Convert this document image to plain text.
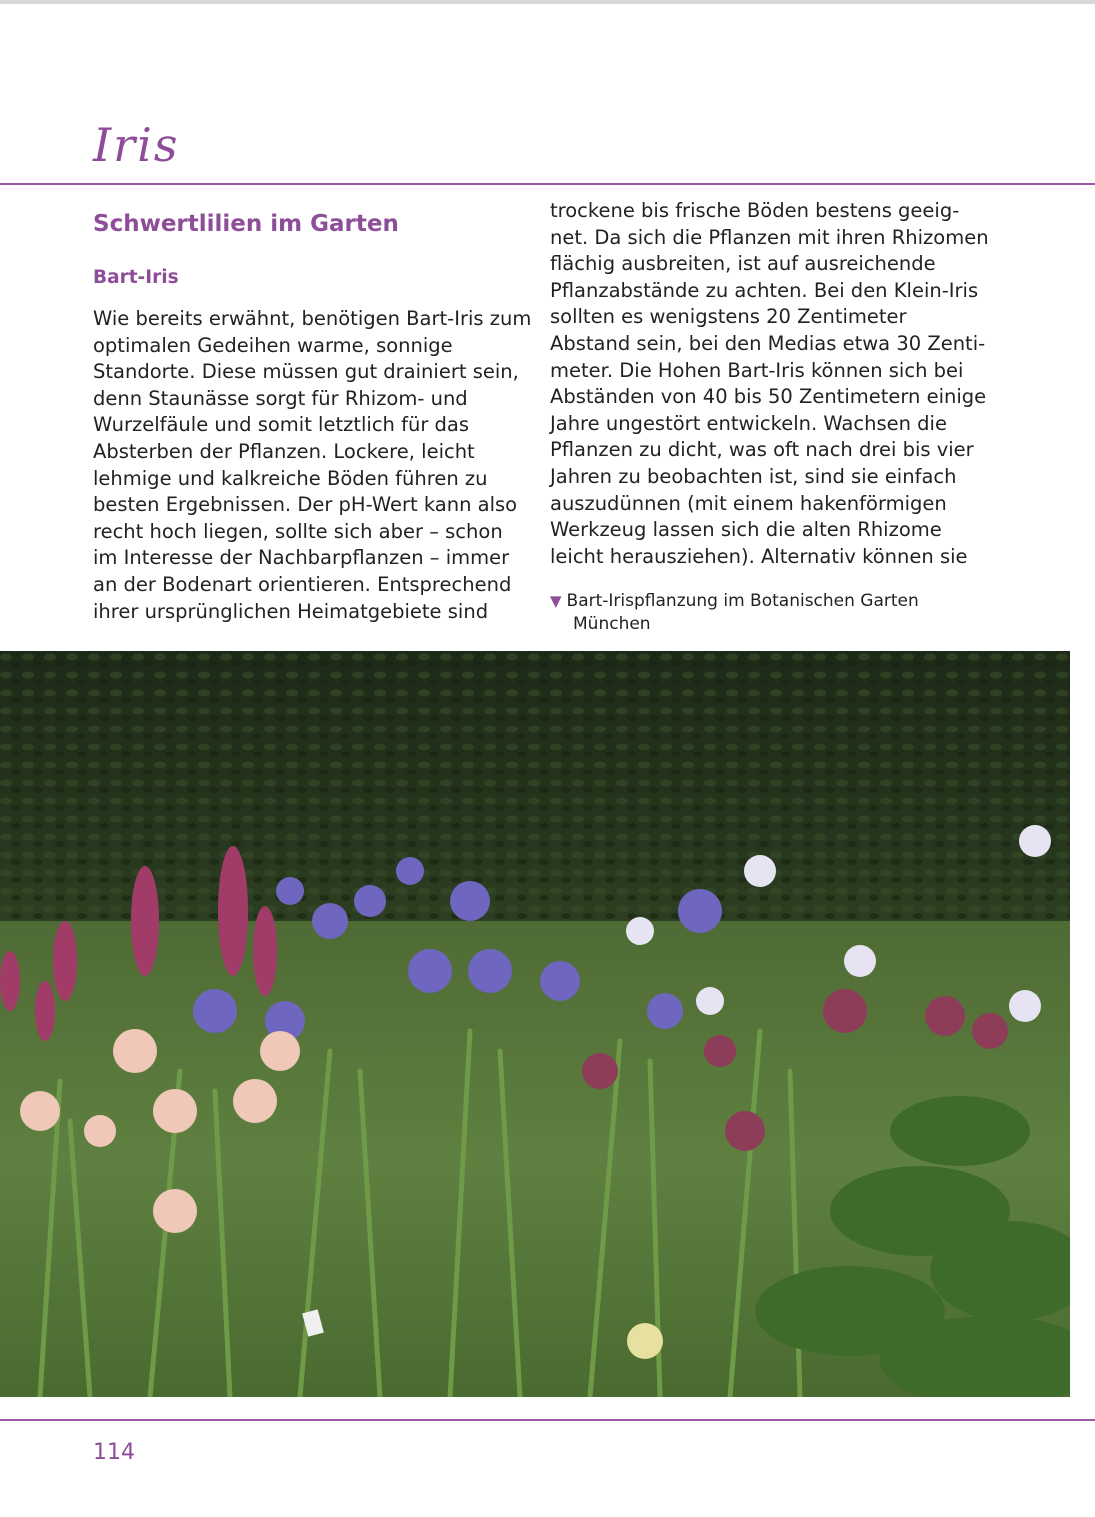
Iris
Schwertlilien im Garten
Bart-Iris

Wie bereits erwähnt, benötigen Bart-Iris zum
optimalen Gedeihen warme, sonnige
Standorte. Diese müssen gut drainiert sein,
denn Staunässe sorgt für Rhizom- und
Wurzelfäule und somit letztlich für das
Absterben der Pflanzen. Lockere, leicht
lehmige und kalkreiche Böden führen zu
besten Ergebnissen. Der pH-Wert kann also
recht hoch liegen, sollte sich aber – schon
im Interesse der Nachbarpflanzen – immer
an der Bodenart orientieren. Entsprechend
ihrer ursprünglichen Heimatgebiete sind

trockene bis frische Böden bestens geeig-
net. Da sich die Pflanzen mit ihren Rhizomen
flächig ausbreiten, ist auf ausreichende
Pflanzabstände zu achten. Bei den Klein-Iris
sollten es wenigstens 20 Zentimeter
Abstand sein, bei den Medias etwa 30 Zenti-
meter. Die Hohen Bart-Iris können sich bei
Abständen von 40 bis 50 Zentimetern einige
Jahre ungestört entwickeln. Wachsen die
Pflanzen zu dicht, was oft nach drei bis vier
Jahren zu beobachten ist, sind sie einfach
auszudünnen (mit einem hakenförmigen
Werkzeug lassen sich die alten Rhizome
leicht herausziehen). Alternativ können sie

▼ Bart-Irispflanzung im Botanischen Garten
München

114
